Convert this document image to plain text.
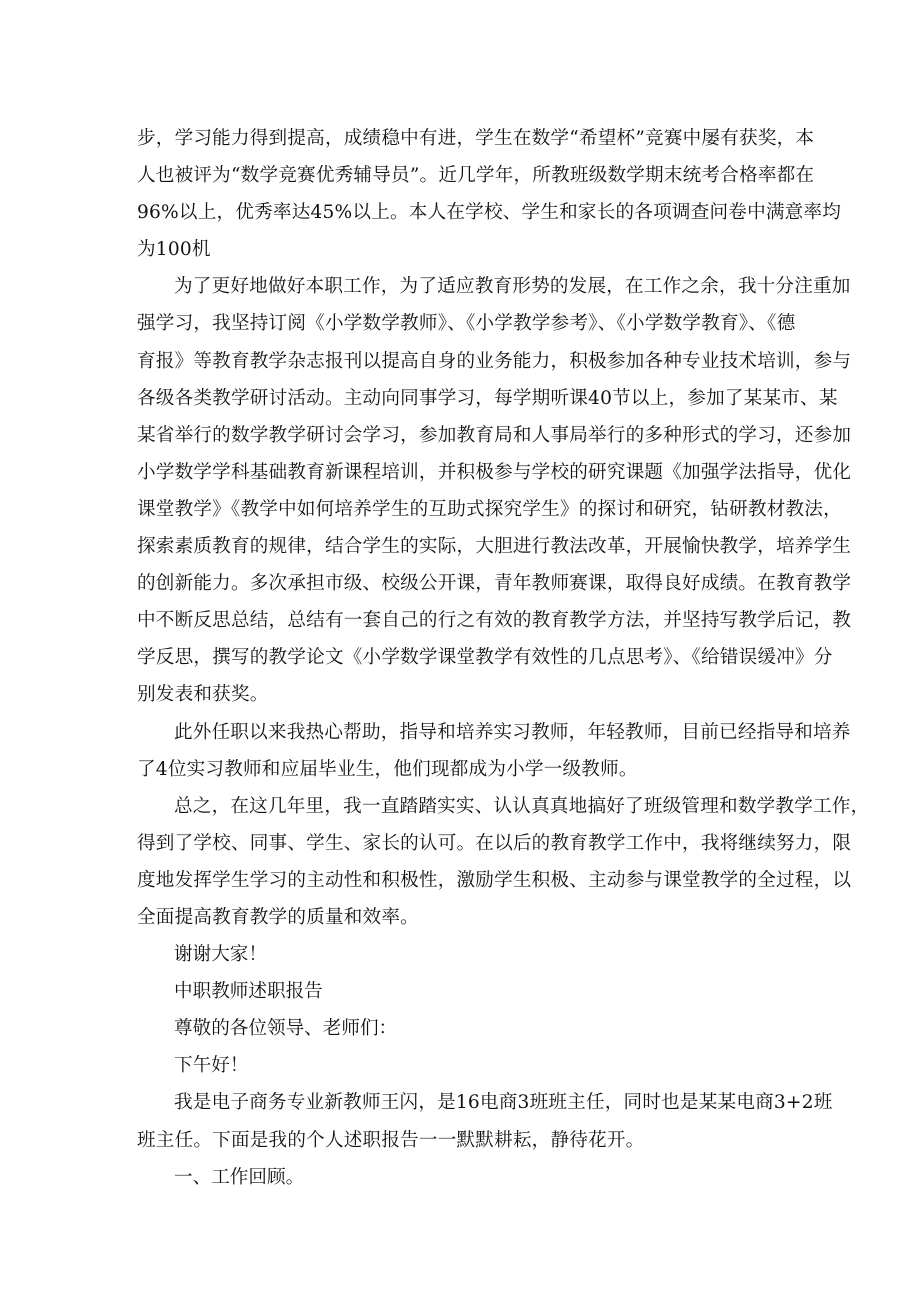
步，学习能力得到提高，成绩稳中有进，学生在数学“希望杯”竞赛中屡有获奖，本
人也被评为“数学竞赛优秀辅导员”。近几学年，所教班级数学期末统考合格率都在
96%以上，优秀率达45%以上。本人在学校、学生和家长的各项调查问卷中满意率均
为100机

为了更好地做好本职工作，为了适应教育形势的发展，在工作之余，我十分注重加
强学习，我坚持订阅《小学数学教师》、《小学教学参考》、《小学数学教育》、《德
育报》等教育教学杂志报刊以提高自身的业务能力，积极参加各种专业技术培训，参与
各级各类教学研讨活动。主动向同事学习，每学期听课40节以上，参加了某某市、某
某省举行的数学教学研讨会学习，参加教育局和人事局举行的多种形式的学习，还参加
小学数学学科基础教育新课程培训，并积极参与学校的研究课题《加强学法指导，优化
课堂教学》《教学中如何培养学生的互助式探究学生》的探讨和研究，钻研教材教法，
探索素质教育的规律，结合学生的实际，大胆进行教法改革，开展愉快教学，培养学生
的创新能力。多次承担市级、校级公开课，青年教师赛课，取得良好成绩。在教育教学
中不断反思总结，总结有一套自己的行之有效的教育教学方法，并坚持写教学后记，教
学反思，撰写的教学论文《小学数学课堂教学有效性的几点思考》、《给错误缓冲》分
别发表和获奖。

此外任职以来我热心帮助，指导和培养实习教师，年轻教师，目前已经指导和培养
了4位实习教师和应届毕业生，他们现都成为小学一级教师。

总之，在这几年里，我一直踏踏实实、认认真真地搞好了班级管理和数学教学工作，
得到了学校、同事、学生、家长的认可。在以后的教育教学工作中，我将继续努力，限
度地发挥学生学习的主动性和积极性，激励学生积极、主动参与课堂教学的全过程，以
全面提高教育教学的质量和效率。

谢谢大家！

中职教师述职报告

尊敬的各位领导、老师们：

下午好！

我是电子商务专业新教师王闪，是16电商3班班主任，同时也是某某电商3+2班
班主任。下面是我的个人述职报告一一默默耕耘，静待花开。

一、工作回顾。
